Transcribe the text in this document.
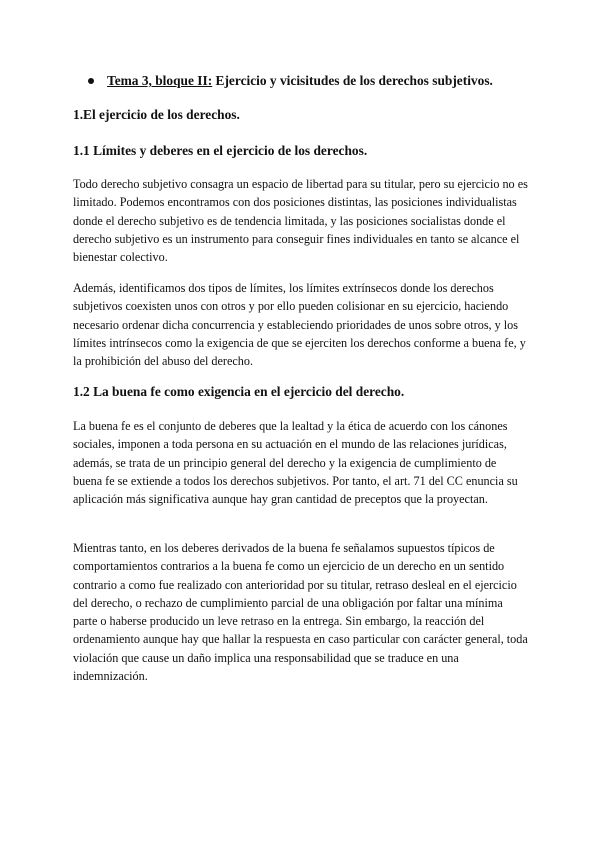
Tema 3, bloque II: Ejercicio y vicisitudes de los derechos subjetivos.
1.El ejercicio de los derechos.
1.1 Límites y deberes en el ejercicio de los derechos.

Todo derecho subjetivo consagra un espacio de libertad para su titular, pero su ejercicio no es limitado. Podemos encontramos con dos posiciones distintas, las posiciones individualistas donde el derecho subjetivo es de tendencia limitada, y las posiciones socialistas donde el derecho subjetivo es un instrumento para conseguir fines individuales en tanto se alcance el bienestar colectivo.

Además, identificamos dos tipos de límites, los límites extrínsecos donde los derechos subjetivos coexisten unos con otros y por ello pueden colisionar en su ejercicio, haciendo necesario ordenar dicha concurrencia y estableciendo prioridades de unos sobre otros, y los límites intrínsecos como la exigencia de que se ejerciten los derechos conforme a buena fe, y la prohibición del abuso del derecho.

1.2 La buena fe como exigencia en el ejercicio del derecho.

La buena fe es el conjunto de deberes que la lealtad y la ética de acuerdo con los cánones sociales, imponen a toda persona en su actuación en el mundo de las relaciones jurídicas, además, se trata de un principio general del derecho y la exigencia de cumplimiento de buena fe se extiende a todos los derechos subjetivos. Por tanto, el art. 71 del CC enuncia su aplicación más significativa aunque hay gran cantidad de preceptos que la proyectan.

Mientras tanto, en los deberes derivados de la buena fe señalamos supuestos típicos de comportamientos contrarios a la buena fe como un ejercicio de un derecho en un sentido contrario a como fue realizado con anterioridad por su titular, retraso desleal en el ejercicio del derecho, o rechazo de cumplimiento parcial de una obligación por faltar una mínima parte o haberse producido un leve retraso en la entrega. Sin embargo, la reacción del ordenamiento aunque hay que hallar la respuesta en caso particular con carácter general, toda violación que cause un daño implica una responsabilidad que se traduce en una indemnización.
